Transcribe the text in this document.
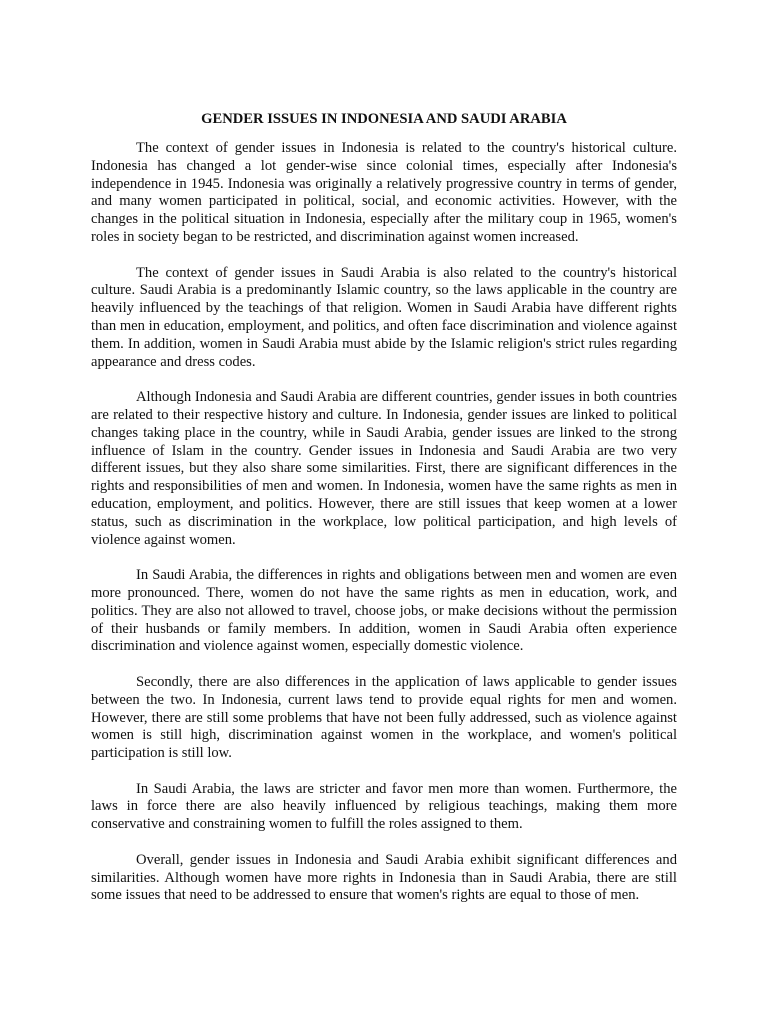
GENDER ISSUES IN INDONESIA AND SAUDI ARABIA

The context of gender issues in Indonesia is related to the country's historical culture. Indonesia has changed a lot gender-wise since colonial times, especially after Indonesia's independence in 1945. Indonesia was originally a relatively progressive country in terms of gender, and many women participated in political, social, and economic activities. However, with the changes in the political situation in Indonesia, especially after the military coup in 1965, women's roles in society began to be restricted, and discrimination against women increased.

The context of gender issues in Saudi Arabia is also related to the country's historical culture. Saudi Arabia is a predominantly Islamic country, so the laws applicable in the country are heavily influenced by the teachings of that religion. Women in Saudi Arabia have different rights than men in education, employment, and politics, and often face discrimination and violence against them. In addition, women in Saudi Arabia must abide by the Islamic religion's strict rules regarding appearance and dress codes.

Although Indonesia and Saudi Arabia are different countries, gender issues in both countries are related to their respective history and culture. In Indonesia, gender issues are linked to political changes taking place in the country, while in Saudi Arabia, gender issues are linked to the strong influence of Islam in the country. Gender issues in Indonesia and Saudi Arabia are two very different issues, but they also share some similarities. First, there are significant differences in the rights and responsibilities of men and women. In Indonesia, women have the same rights as men in education, employment, and politics. However, there are still issues that keep women at a lower status, such as discrimination in the workplace, low political participation, and high levels of violence against women.

In Saudi Arabia, the differences in rights and obligations between men and women are even more pronounced. There, women do not have the same rights as men in education, work, and politics. They are also not allowed to travel, choose jobs, or make decisions without the permission of their husbands or family members. In addition, women in Saudi Arabia often experience discrimination and violence against women, especially domestic violence.

Secondly, there are also differences in the application of laws applicable to gender issues between the two. In Indonesia, current laws tend to provide equal rights for men and women. However, there are still some problems that have not been fully addressed, such as violence against women is still high, discrimination against women in the workplace, and women's political participation is still low.

In Saudi Arabia, the laws are stricter and favor men more than women. Furthermore, the laws in force there are also heavily influenced by religious teachings, making them more conservative and constraining women to fulfill the roles assigned to them.

Overall, gender issues in Indonesia and Saudi Arabia exhibit significant differences and similarities. Although women have more rights in Indonesia than in Saudi Arabia, there are still some issues that need to be addressed to ensure that women's rights are equal to those of men.
